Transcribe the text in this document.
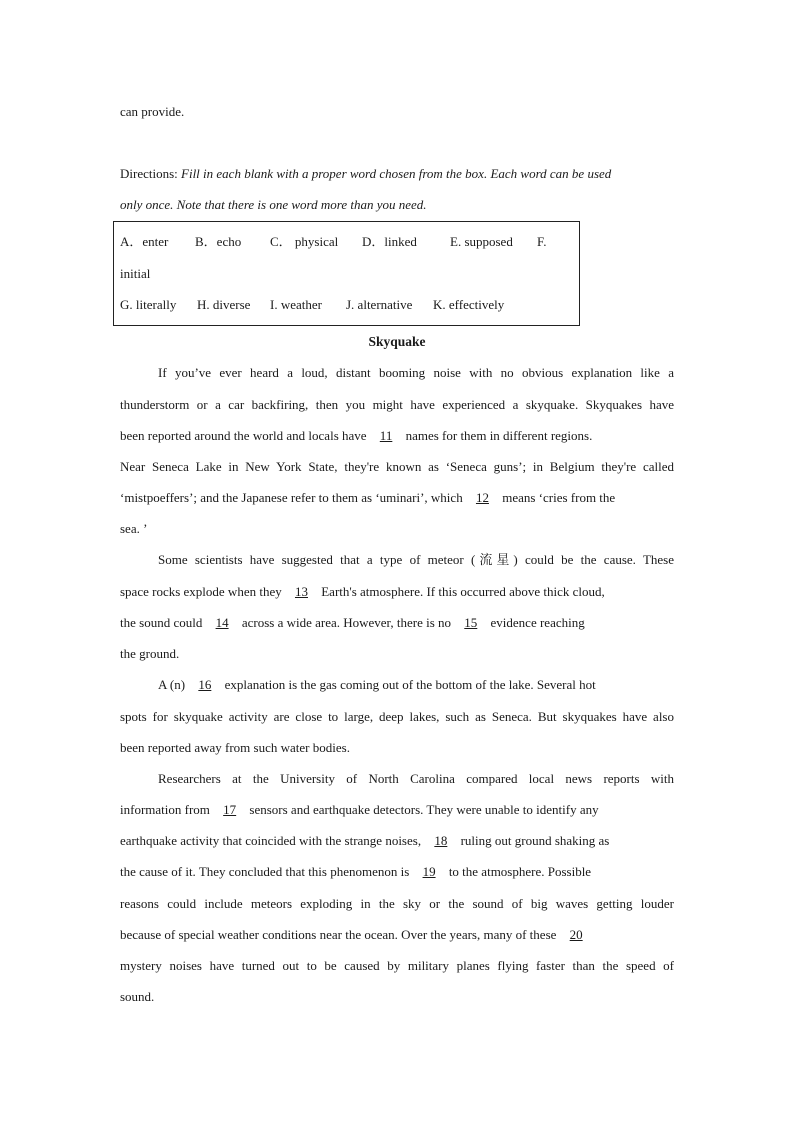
can provide.
Directions: Fill in each blank with a proper word chosen from the box. Each word can be used
only once. Note that there is one word more than you need.
A．enter B．echo C． physical D．linked	E. supposed F.
initial
G. literally H. diverse I. weather J. alternative K. effectively
Skyquake
If you’ve ever heard a loud, distant booming noise with no obvious explanation like a
thunderstorm or a car backfiring, then you might have experienced a skyquake. Skyquakes have
been reported around the world and locals have 11 names for them in different regions.
Near Seneca Lake in New York State, they're known as ‘Seneca guns’; in Belgium they're called
‘mistpoeffers’; and the Japanese refer to them as ‘uminari’, which 12 means ‘cries from the
sea. ’
Some scientists have suggested that a type of meteor (流星) could be the cause. These
space rocks explode when they 13 Earth's atmosphere. If this occurred above thick cloud,
the sound could 14 across a wide area. However, there is no 15 evidence reaching
the ground.
A (n) 16 explanation is the gas coming out of the bottom of the lake. Several hot
spots for skyquake activity are close to large, deep lakes, such as Seneca. But skyquakes have also
been reported away from such water bodies.
Researchers at the University of North Carolina compared local news reports with
information from 17 sensors and earthquake detectors. They were unable to identify any
earthquake activity that coincided with the strange noises, 18 ruling out ground shaking as
the cause of it. They concluded that this phenomenon is 19 to the atmosphere. Possible
reasons could include meteors exploding in the sky or the sound of big waves getting louder
because of special weather conditions near the ocean. Over the years, many of these 20
mystery noises have turned out to be caused by military planes flying faster than the speed of
sound.
